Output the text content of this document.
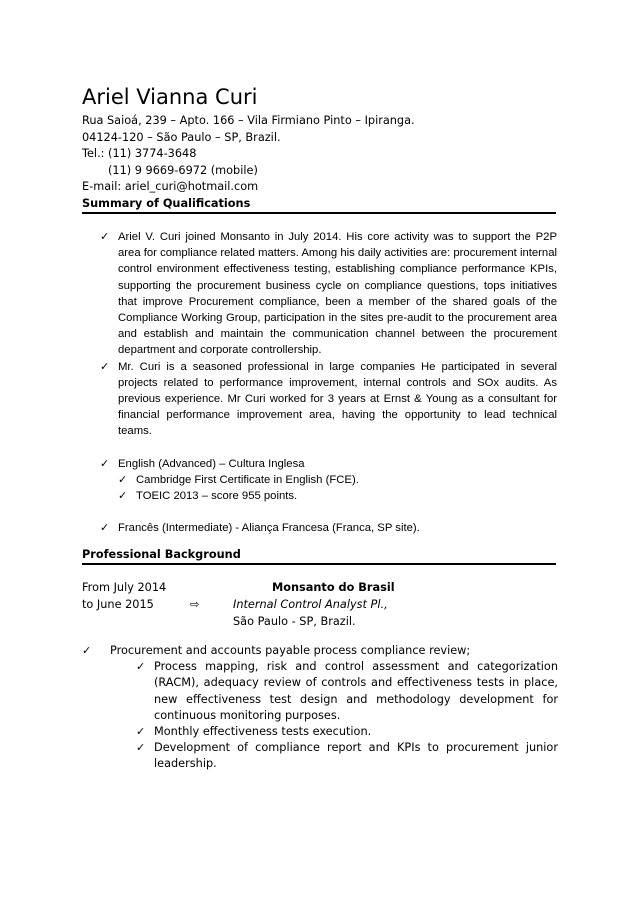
Ariel Vianna Curi
Rua Saioá, 239 – Apto. 166 – Vila Firmiano Pinto – Ipiranga.
04124-120 – São Paulo – SP, Brazil.
Tel.: (11) 3774-3648
(11) 9 9669-6972 (mobile)
E-mail: ariel_curi@hotmail.com
Summary of Qualifications
✓ Ariel V. Curi joined Monsanto in July 2014. His core activity was to support the P2P area for compliance related matters. Among his daily activities are: procurement internal control environment effectiveness testing, establishing compliance performance KPIs, supporting the procurement business cycle on compliance questions, tops initiatives that improve Procurement compliance, been a member of the shared goals of the Compliance Working Group, participation in the sites pre-audit to the procurement area and establish and maintain the communication channel between the procurement department and corporate controllership.
✓ Mr. Curi is a seasoned professional in large companies He participated in several projects related to performance improvement, internal controls and SOx audits. As previous experience. Mr Curi worked for 3 years at Ernst & Young as a consultant for financial performance improvement area, having the opportunity to lead technical teams.
✓ English (Advanced) – Cultura Inglesa
✓ Cambridge First Certificate in English (FCE).
✓ TOEIC 2013 – score 955 points.
✓ Francês (Intermediate) - Aliança Francesa (Franca, SP site).
Professional Background
From July 2014	Monsanto do Brasil
to June 2015	⇨	Internal Control Analyst Pl.,
São Paulo - SP, Brazil.
✓ Procurement and accounts payable process compliance review;
✓ Process mapping, risk and control assessment and categorization (RACM), adequacy review of controls and effectiveness tests in place, new effectiveness test design and methodology development for continuous monitoring purposes.
✓ Monthly effectiveness tests execution.
✓ Development of compliance report and KPIs to procurement junior leadership.
